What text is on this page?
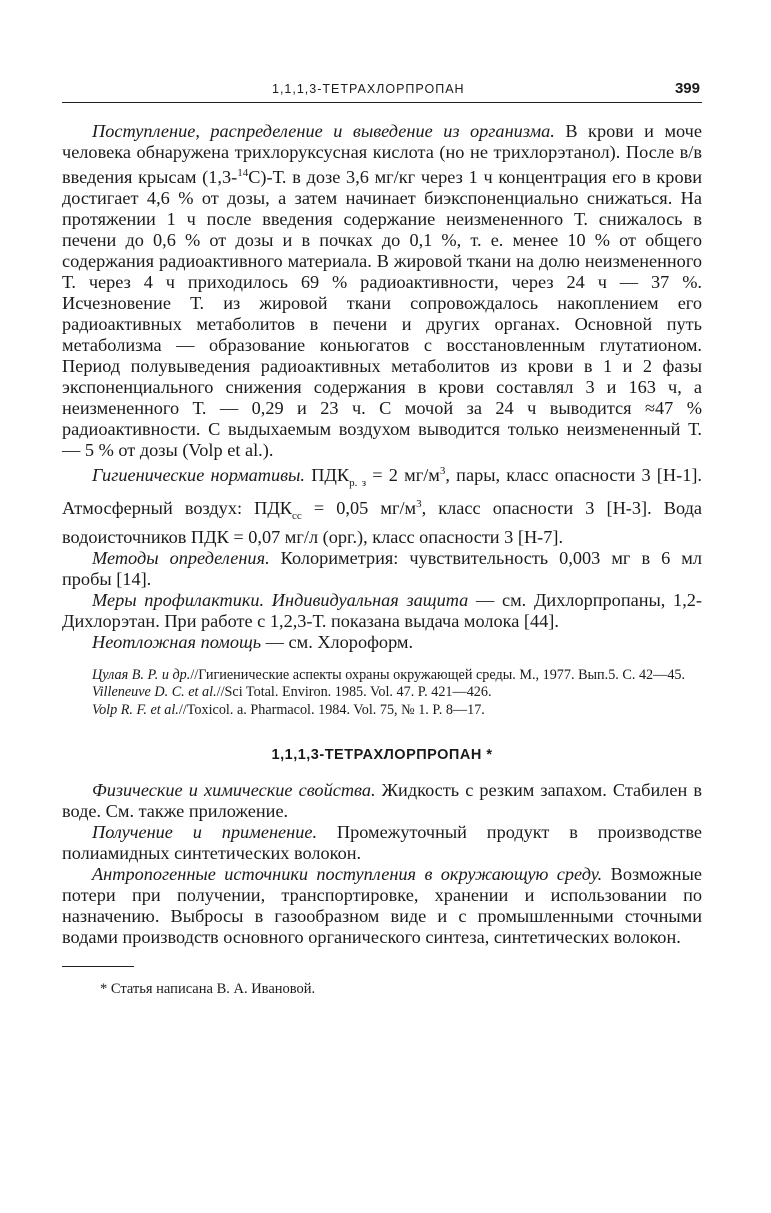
1,1,1,3-ТЕТРАХЛОРПРОПАН	399

Поступление, распределение и выведение из организма. В крови и моче человека обнаружена трихлоруксусная кислота (но не трихлорэтанол). После в/в введения крысам (1,3-$^{14}$С)-Т. в дозе 3,6 мг/кг через 1 ч концентрация его в крови достигает 4,6 % от дозы, а затем начинает биэкспоненциально снижаться. На протяжении 1 ч после введения содержание неизмененного Т. снижалось в печени до 0,6 % от дозы и в почках до 0,1 %, т. е. менее 10 % от общего содержания радиоактивного материала. В жировой ткани на долю неизмененного Т. через 4 ч приходилось 69 % радиоактивности, через 24 ч — 37 %. Исчезновение Т. из жировой ткани сопровождалось накоплением его радиоактивных метаболитов в печени и других органах. Основной путь метаболизма — образование коньюгатов с восстановленным глутатионом. Период полувыведения радиоактивных метаболитов из крови в 1 и 2 фазы экспоненциального снижения содержания в крови составлял 3 и 163 ч, а неизмененного Т. — 0,29 и 23 ч. С мочой за 24 ч выводится ≈47 % радиоактивности. С выдыхаемым воздухом выводится только неизмененный Т. — 5 % от дозы (Volp et al.).

Гигиенические нормативы. $ПДК_{р. з} = 2$ $мг/м^3$, пары, класс опасности 3 [Н-1]. Атмосферный воздух: $ПДК_{сс} = 0,05$ $мг/м^3$, класс опасности 3 [Н-3]. Вода водоисточников ПДК = 0,07 мг/л (орг.), класс опасности 3 [Н-7].

Методы определения. Колориметрия: чувствительность 0,003 мг в 6 мл пробы [14].

Меры профилактики. Индивидуальная защита — см. Дихлорпропаны, 1,2-Дихлорэтан. При работе с 1,2,3-Т. показана выдача молока [44].

Неотложная помощь — см. Хлороформ.

Цулая В. Р. и др.//Гигиенические аспекты охраны окружающей среды. М., 1977. Вып.5. С. 42—45.

Villeneuve D. C. et al.//Sci Total. Environ. 1985. Vol. 47. P. 421—426.

Volp R. F. et al.//Toxicol. a. Pharmacol. 1984. Vol. 75, № 1. P. 8—17.

1,1,1,3-ТЕТРАХЛОРПРОПАН *

Физические и химические свойства. Жидкость с резким запахом. Стабилен в воде. См. также приложение.

Получение и применение. Промежуточный продукт в производстве полиамидных синтетических волокон.

Антропогенные источники поступления в окружающую среду. Возможные потери при получении, транспортировке, хранении и использовании по назначению. Выбросы в газообразном виде и с промышленными сточными водами производств основного органического синтеза, синтетических волокон.

* Статья написана В. А. Ивановой.
